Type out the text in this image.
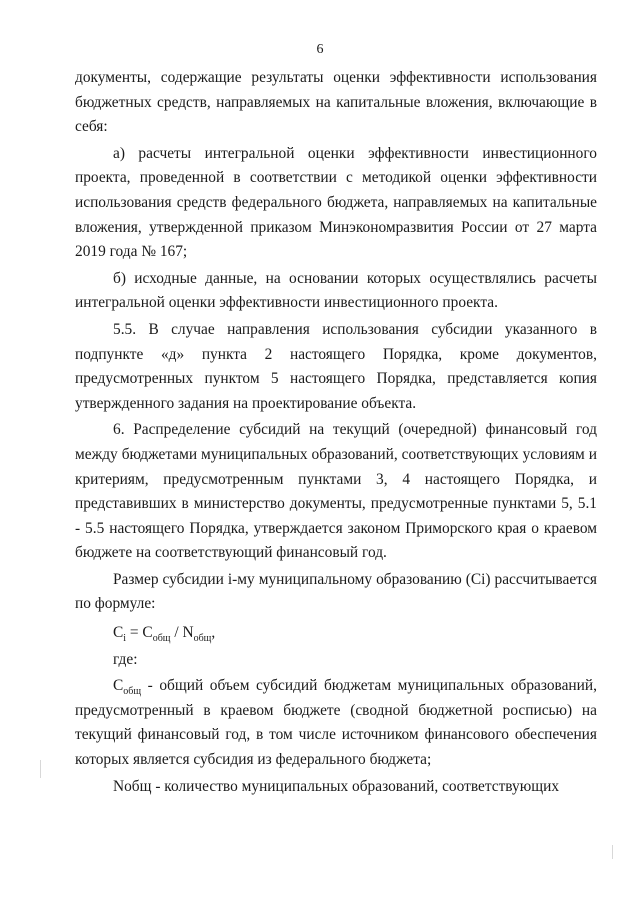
6

документы, содержащие результаты оценки эффективности использования бюджетных средств, направляемых на капитальные вложения, включающие в себя:

а) расчеты интегральной оценки эффективности инвестиционного проекта, проведенной в соответствии с методикой оценки эффективности использования средств федерального бюджета, направляемых на капитальные вложения, утвержденной приказом Минэкономразвития России от 27 марта 2019 года № 167;

б) исходные данные, на основании которых осуществлялись расчеты интегральной оценки эффективности инвестиционного проекта.

5.5. В случае направления использования субсидии указанного в подпункте «д» пункта 2 настоящего Порядка, кроме документов, предусмотренных пунктом 5 настоящего Порядка, представляется копия утвержденного задания на проектирование объекта.

6. Распределение субсидий на текущий (очередной) финансовый год между бюджетами муниципальных образований, соответствующих условиям и критериям, предусмотренным пунктами 3, 4 настоящего Порядка, и представивших в министерство документы, предусмотренные пунктами 5, 5.1 - 5.5 настоящего Порядка, утверждается законом Приморского края о краевом бюджете на соответствующий финансовый год.

Размер субсидии i-му муниципальному образованию (Ci) рассчитывается по формуле:

$C_i = C_{общ} / N_{общ}$,
где:

$C_{общ}$ - общий объем субсидий бюджетам муниципальных образований, предусмотренный в краевом бюджете (сводной бюджетной росписью) на текущий финансовый год, в том числе источником финансового обеспечения которых является субсидия из федерального бюджета;

Nобщ - количество муниципальных образований, соответствующих
